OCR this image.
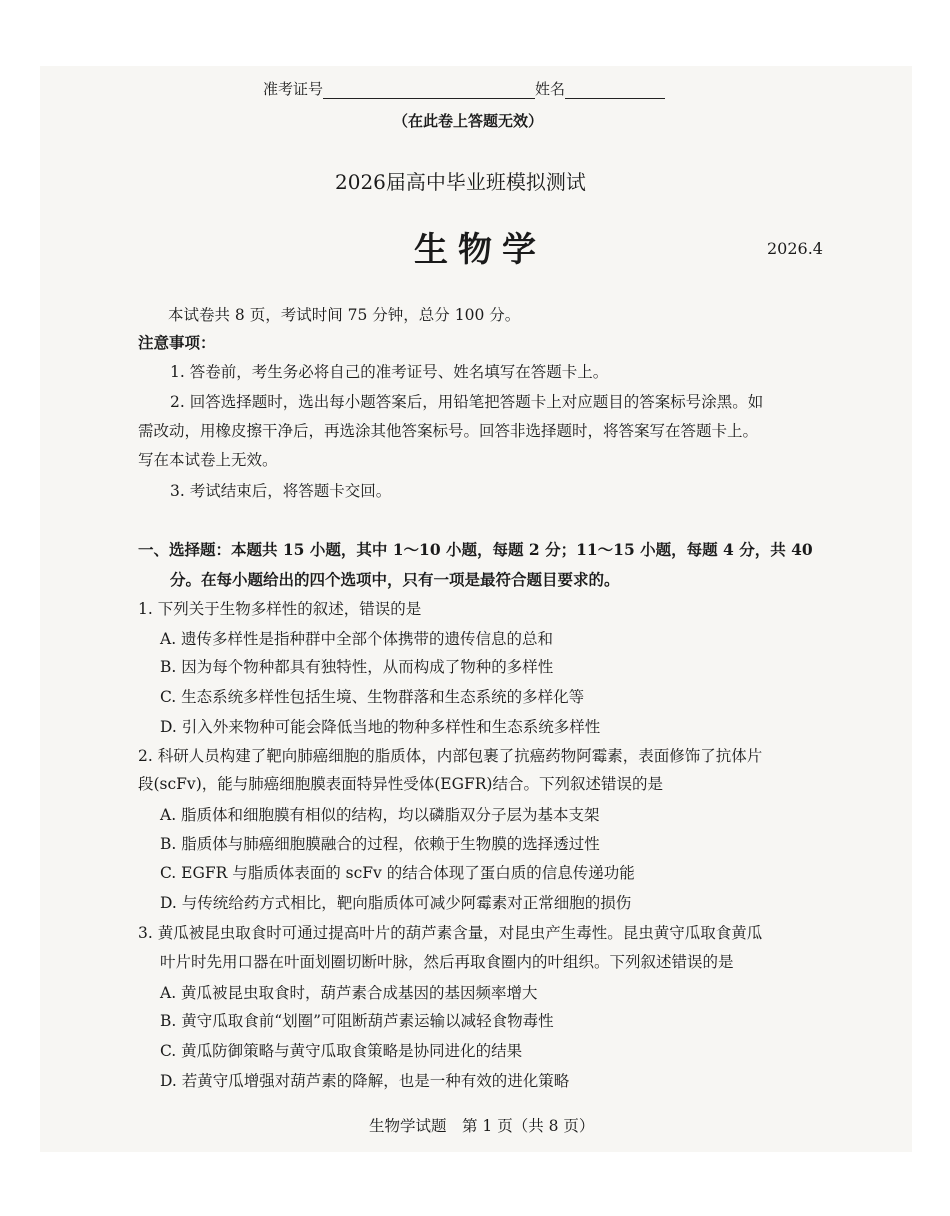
准考证号	姓名
（在此卷上答题无效）
2026届高中毕业班模拟测试
生物学	2026.4
本试卷共 8 页，考试时间 75 分钟，总分 100 分。
注意事项：
1. 答卷前，考生务必将自己的准考证号、姓名填写在答题卡上。
2. 回答选择题时，选出每小题答案后，用铅笔把答题卡上对应题目的答案标号涂黑。如
需改动，用橡皮擦干净后，再选涂其他答案标号。回答非选择题时，将答案写在答题卡上。
写在本试卷上无效。
3. 考试结束后，将答题卡交回。
一、选择题：本题共 15 小题，其中 1～10 小题，每题 2 分；11～15 小题，每题 4 分，共 40
分。在每小题给出的四个选项中，只有一项是最符合题目要求的。
1. 下列关于生物多样性的叙述，错误的是
A. 遗传多样性是指种群中全部个体携带的遗传信息的总和
B. 因为每个物种都具有独特性，从而构成了物种的多样性
C. 生态系统多样性包括生境、生物群落和生态系统的多样化等
D. 引入外来物种可能会降低当地的物种多样性和生态系统多样性
2. 科研人员构建了靶向肺癌细胞的脂质体，内部包裹了抗癌药物阿霉素，表面修饰了抗体片
段(scFv)，能与肺癌细胞膜表面特异性受体(EGFR)结合。下列叙述错误的是
A. 脂质体和细胞膜有相似的结构，均以磷脂双分子层为基本支架
B. 脂质体与肺癌细胞膜融合的过程，依赖于生物膜的选择透过性
C. EGFR 与脂质体表面的 scFv 的结合体现了蛋白质的信息传递功能
D. 与传统给药方式相比，靶向脂质体可减少阿霉素对正常细胞的损伤
3. 黄瓜被昆虫取食时可通过提高叶片的葫芦素含量，对昆虫产生毒性。昆虫黄守瓜取食黄瓜
叶片时先用口器在叶面划圈切断叶脉，然后再取食圈内的叶组织。下列叙述错误的是
A. 黄瓜被昆虫取食时，葫芦素合成基因的基因频率增大
B. 黄守瓜取食前“划圈”可阻断葫芦素运输以减轻食物毒性
C. 黄瓜防御策略与黄守瓜取食策略是协同进化的结果
D. 若黄守瓜增强对葫芦素的降解，也是一种有效的进化策略
生物学试题　第 1 页（共 8 页）
